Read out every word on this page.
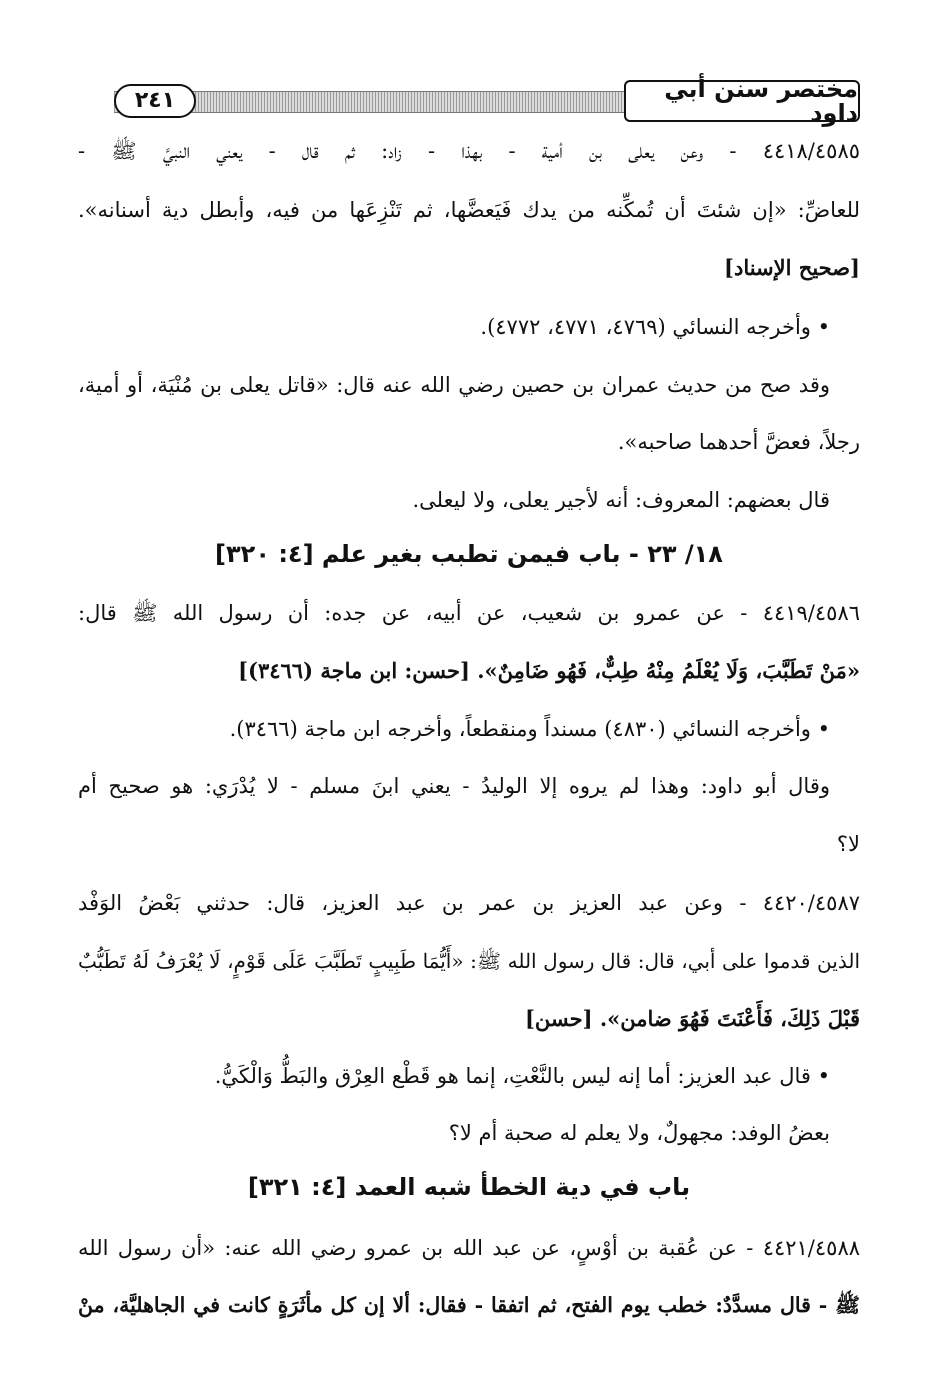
مختصر سنن أبي داود
٢٤١
٤٤١٨/٤٥٨٥ - وعن يعلى بن أمية - بهذا - زاد: ثم قال - يعني النبيَّ ﷺ -
للعاضِّ: «إن شئتَ أن تُمكِّنه من يدك فَيَعضَّها، ثم تَنْزِعَها من فيه، وأبطل دية أسنانه».
[صحيح الإسناد]
• وأخرجه النسائي (٤٧٦٩، ٤٧٧١، ٤٧٧٢).
وقد صح من حديث عمران بن حصين رضي الله عنه قال: «قاتل يعلى بن مُنْيَة، أو أمية،
رجلاً، فعضَّ أحدهما صاحبه».
قال بعضهم: المعروف: أنه لأجير يعلى، ولا ليعلى.
١٨/ ٢٣ - باب فيمن تطبب بغير علم [٤: ٣٢٠]
٤٤١٩/٤٥٨٦ - عن عمرو بن شعيب، عن أبيه، عن جده: أن رسول الله ﷺ قال:
«مَنْ تَطَبَّبَ، وَلَا يُعْلَمُ مِنْهُ طِبٌّ، فَهُو ضَامِنٌ». [حسن: ابن ماجة (٣٤٦٦)]
• وأخرجه النسائي (٤٨٣٠) مسنداً ومنقطعاً، وأخرجه ابن ماجة (٣٤٦٦).
وقال أبو داود: وهذا لم يروه إلا الوليدُ - يعني ابنَ مسلم - لا يُدْرَي: هو صحيح أم
لا؟
٤٤٢٠/٤٥٨٧ - وعن عبد العزيز بن عمر بن عبد العزيز، قال: حدثني بَعْضُ الوَفْد
الذين قدموا على أبي، قال: قال رسول الله ﷺ: «أَيُّمَا طَبِيبٍ تَطَبَّبَ عَلَى قَوْمٍ، لَا يُعْرَفُ لَهُ تَطَبُّبٌ
قَبْلَ ذَلِكَ، فَأَعْنَتَ فَهُوَ ضامن». [حسن]
• قال عبد العزيز: أما إنه ليس بالنَّعْتِ، إنما هو قَطْع العِرْق والبَطُّ وَالْكَيُّ.
بعضُ الوفد: مجهولٌ، ولا يعلم له صحبة أم لا؟
باب في دية الخطأ شبه العمد [٤: ٣٢١]
٤٤٢١/٤٥٨٨ - عن عُقبة بن أوْسٍ، عن عبد الله بن عمرو رضي الله عنه: «أن رسول الله
ﷺ - قال مسدَّدٌ: خطب يوم الفتح، ثم اتفقا - فقال: ألا إن كل مأثَرَةٍ كانت في الجاهليَّة، منْ
